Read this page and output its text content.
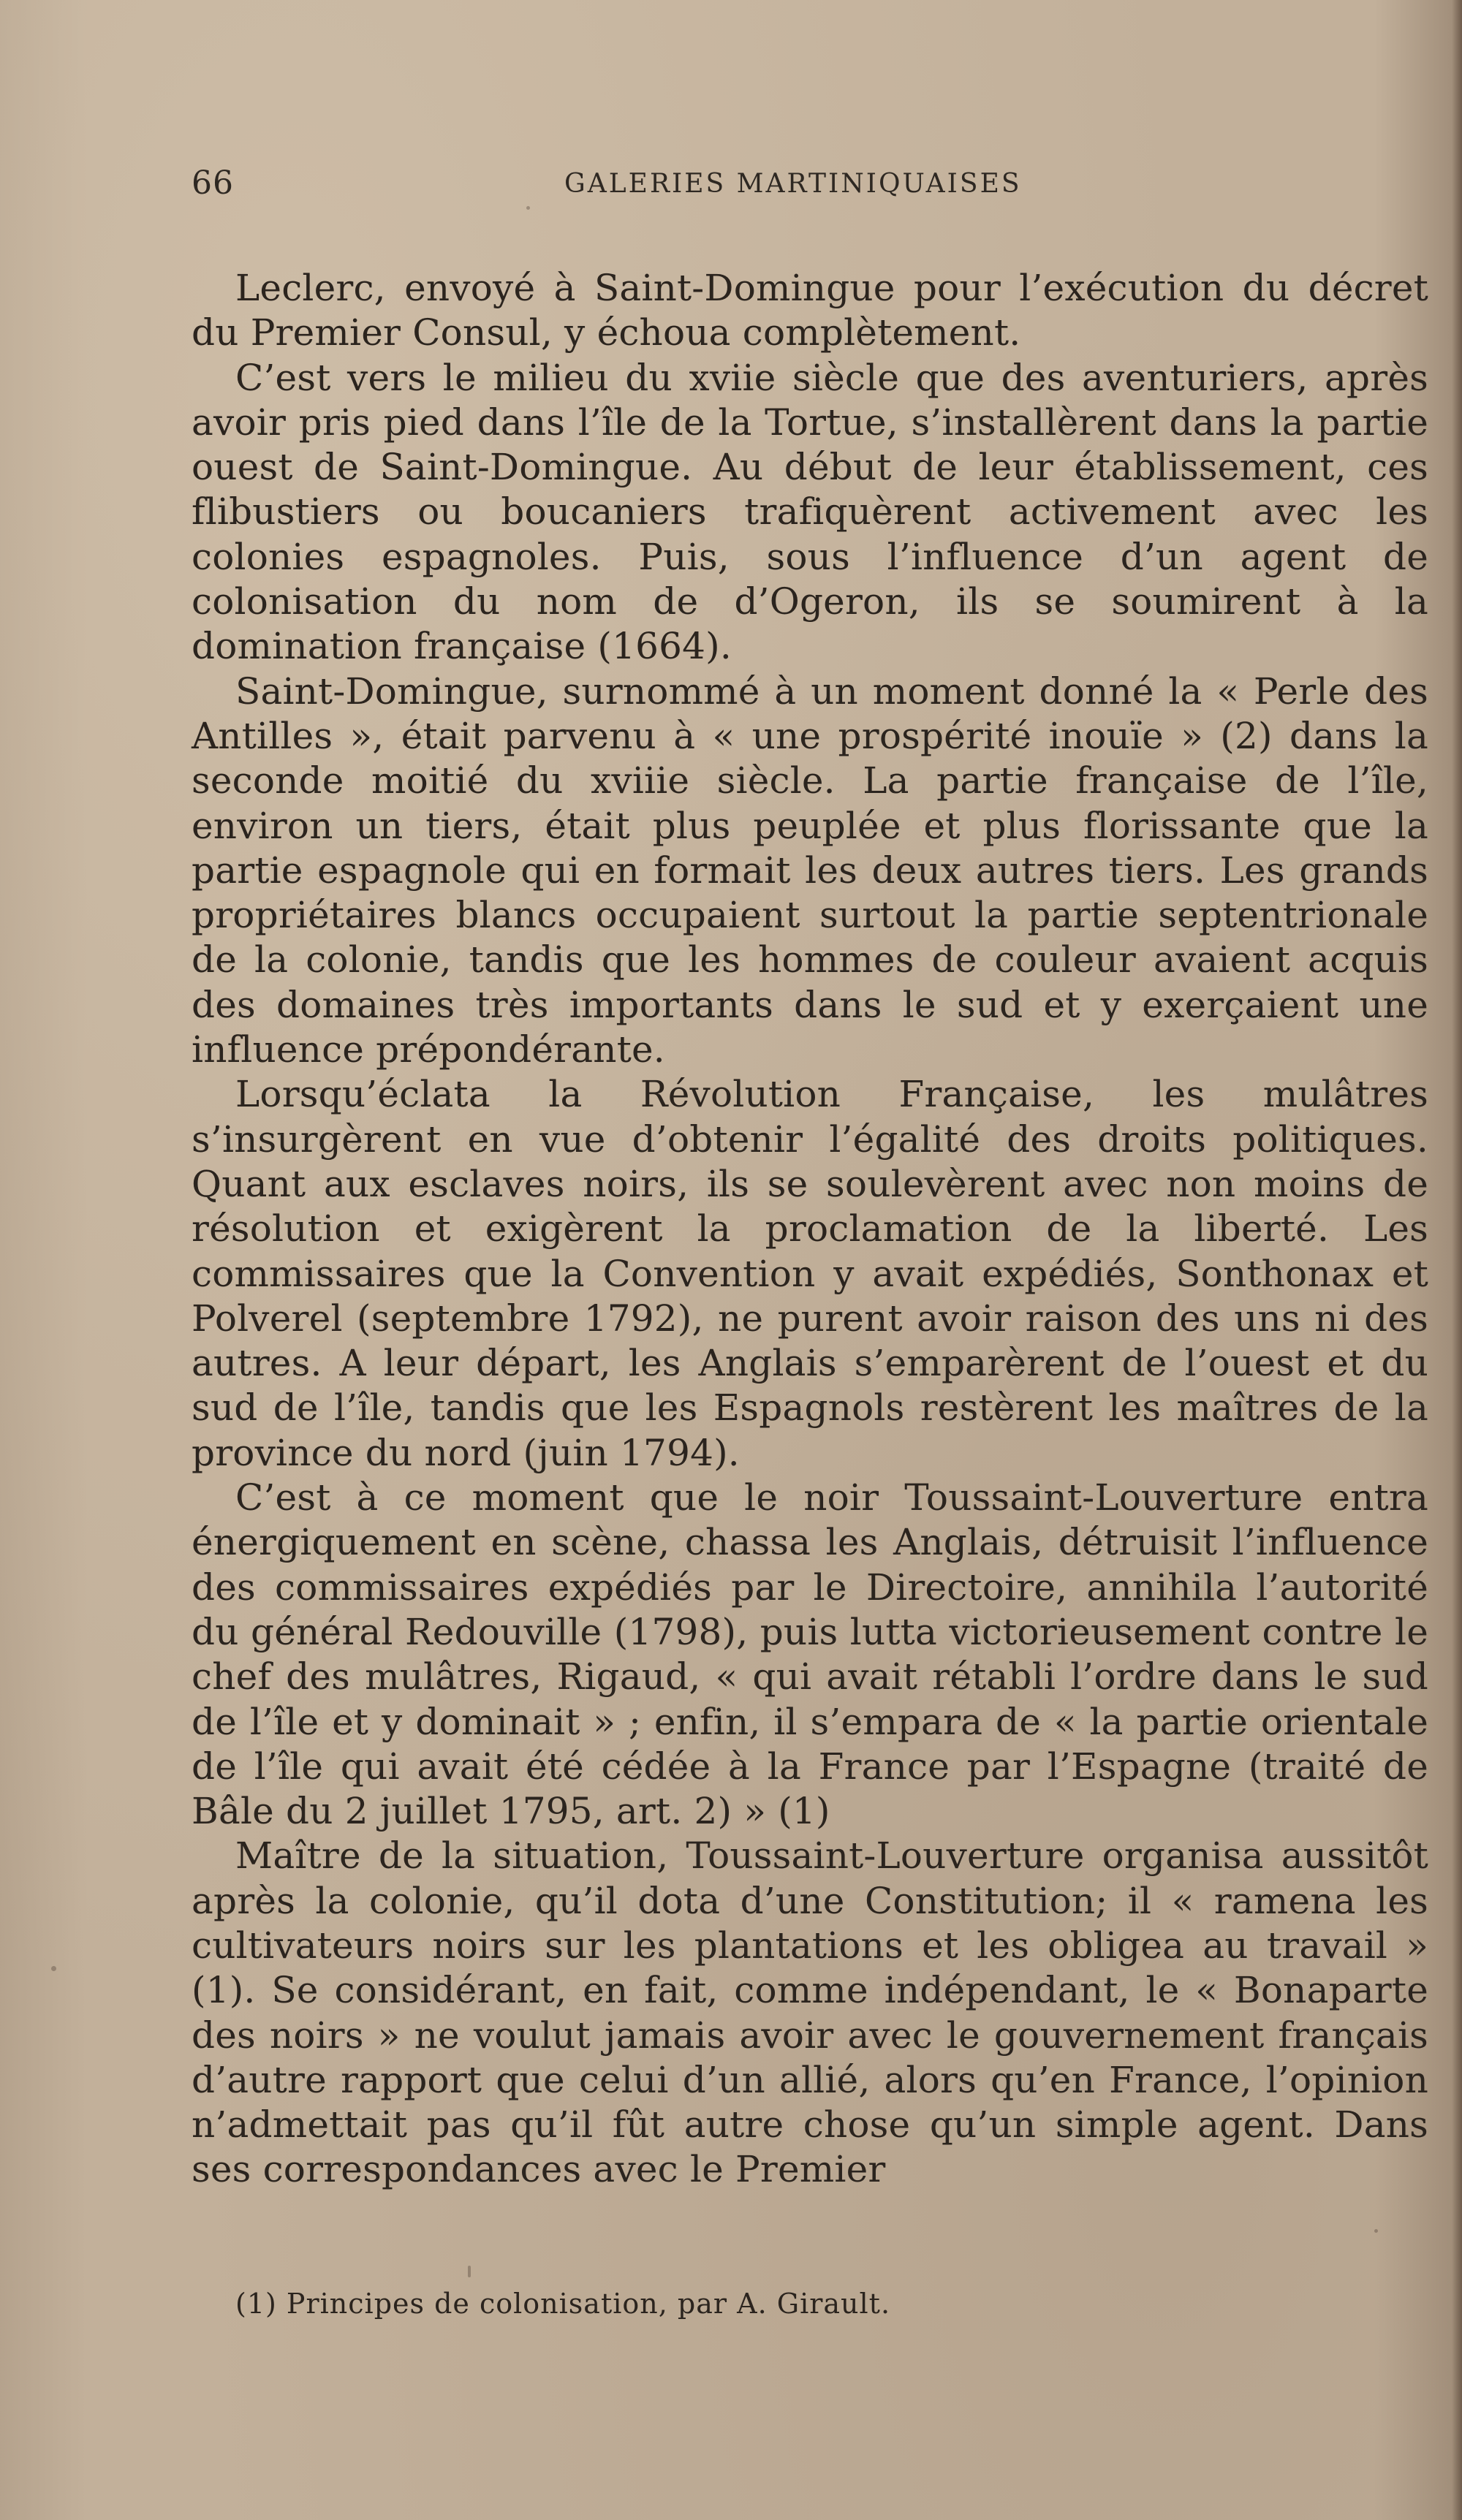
66	GALERIES MARTINIQUAISES

Leclerc, envoyé à Saint-Domingue pour l’exécution du décret du Premier Consul, y échoua complètement.

C’est vers le milieu du xviie siècle que des aventuriers, après avoir pris pied dans l’île de la Tortue, s’installèrent dans la partie ouest de Saint-Domingue. Au début de leur établissement, ces flibustiers ou boucaniers trafiquèrent activement avec les colonies espagnoles. Puis, sous l’influence d’un agent de colonisation du nom de d’Ogeron, ils se soumirent à la domination française (1664).

Saint-Domingue, surnommé à un moment donné la « Perle des Antilles », était parvenu à « une prospérité inouïe » (2) dans la seconde moitié du xviiie siècle. La partie française de l’île, environ un tiers, était plus peuplée et plus florissante que la partie espagnole qui en formait les deux autres tiers. Les grands propriétaires blancs occupaient surtout la partie septentrionale de la colonie, tandis que les hommes de couleur avaient acquis des domaines très importants dans le sud et y exerçaient une influence prépondérante.

Lorsqu’éclata la Révolution Française, les mulâtres s’insurgèrent en vue d’obtenir l’égalité des droits politiques. Quant aux esclaves noirs, ils se soulevèrent avec non moins de résolution et exigèrent la proclamation de la liberté. Les commissaires que la Convention y avait expédiés, Sonthonax et Polverel (septembre 1792), ne purent avoir raison des uns ni des autres. A leur départ, les Anglais s’emparèrent de l’ouest et du sud de l’île, tandis que les Espagnols restèrent les maîtres de la province du nord (juin 1794).

C’est à ce moment que le noir Toussaint-Louverture entra énergiquement en scène, chassa les Anglais, détruisit l’influence des commissaires expédiés par le Directoire, annihila l’autorité du général Redouville (1798), puis lutta victorieusement contre le chef des mulâtres, Rigaud, « qui avait rétabli l’ordre dans le sud de l’île et y dominait » ; enfin, il s’empara de « la partie orientale de l’île qui avait été cédée à la France par l’Espagne (traité de Bâle du 2 juillet 1795, art. 2) » (1)

Maître de la situation, Toussaint-Louverture organisa aussitôt après la colonie, qu’il dota d’une Constitution; il « ramena les cultivateurs noirs sur les plantations et les obligea au travail » (1). Se considérant, en fait, comme indépendant, le « Bonaparte des noirs » ne voulut jamais avoir avec le gouvernement français d’autre rapport que celui d’un allié, alors qu’en France, l’opinion n’admettait pas qu’il fût autre chose qu’un simple agent. Dans ses correspondances avec le Premier

(1) Principes de colonisation, par A. Girault.
